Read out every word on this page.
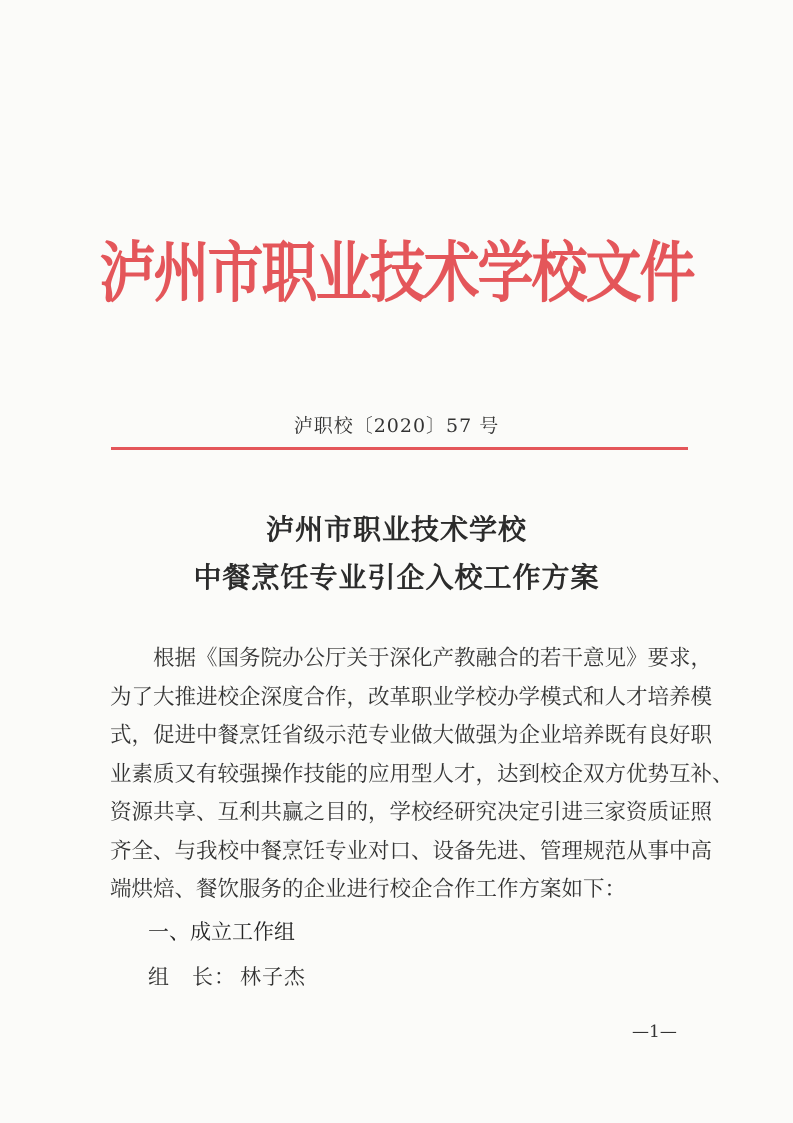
泸州市职业技术学校文件
泸职校〔2020〕57 号
泸州市职业技术学校
中餐烹饪专业引企入校工作方案
　　根据《国务院办公厅关于深化产教融合的若干意见》要求，
为了大推进校企深度合作，改革职业学校办学模式和人才培养模
式，促进中餐烹饪省级示范专业做大做强为企业培养既有良好职
业素质又有较强操作技能的应用型人才，达到校企双方优势互补、
资源共享、互利共赢之目的，学校经研究决定引进三家资质证照
齐全、与我校中餐烹饪专业对口、设备先进、管理规范从事中高
端烘焙、餐饮服务的企业进行校企合作工作方案如下：
一、成立工作组
组　长： 林子杰
—1—
